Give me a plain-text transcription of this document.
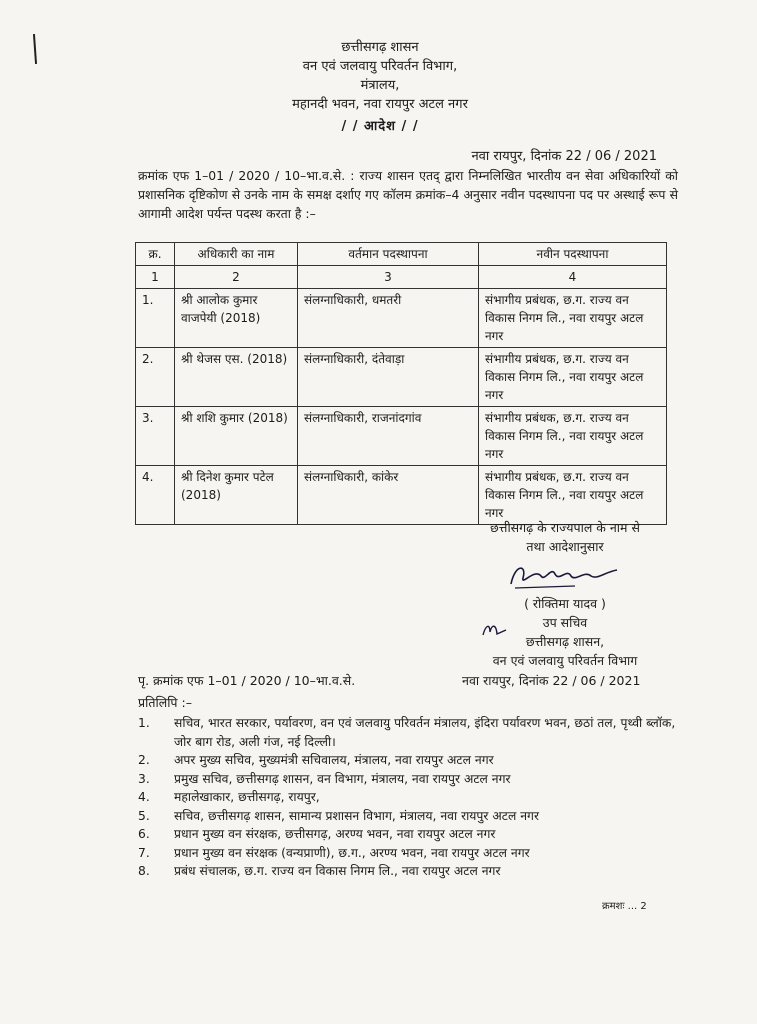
छत्तीसगढ़ शासन
वन एवं जलवायु परिवर्तन विभाग,
मंत्रालय,
महानदी भवन, नवा रायपुर अटल नगर
/ / आदेश / /
नवा रायपुर, दिनांक 22 / 06 / 2021
क्रमांक एफ 1–01 / 2020 / 10–भा.व.से. : राज्य शासन एतद् द्वारा निम्नलिखित भारतीय वन सेवा अधिकारियों को प्रशासनिक दृष्टिकोण से उनके नाम के समक्ष दर्शाए गए कॉलम क्रमांक–4 अनुसार नवीन पदस्थापना पद पर अस्थाई रूप से आगामी आदेश पर्यन्त पदस्थ करता है :–
क्र.	अधिकारी का नाम	वर्तमान पदस्थापना	नवीन पदस्थापना
1	2	3	4
1.	श्री आलोक कुमार वाजपेयी (2018)	संलग्नाधिकारी, धमतरी	संभागीय प्रबंधक, छ.ग. राज्य वन विकास निगम लि., नवा रायपुर अटल नगर
2.	श्री थेजस एस. (2018)	संलग्नाधिकारी, दंतेवाड़ा	संभागीय प्रबंधक, छ.ग. राज्य वन विकास निगम लि., नवा रायपुर अटल नगर
3.	श्री शशि कुमार (2018)	संलग्नाधिकारी, राजनांदगांव	संभागीय प्रबंधक, छ.ग. राज्य वन विकास निगम लि., नवा रायपुर अटल नगर
4.	श्री दिनेश कुमार पटेल (2018)	संलग्नाधिकारी, कांकेर	संभागीय प्रबंधक, छ.ग. राज्य वन विकास निगम लि., नवा रायपुर अटल नगर
छत्तीसगढ़ के राज्यपाल के नाम से
तथा आदेशानुसार
( रोक्तिमा यादव )
उप सचिव
छत्तीसगढ़ शासन,
वन एवं जलवायु परिवर्तन विभाग
पृ. क्रमांक एफ 1–01 / 2020 / 10–भा.व.से.	नवा रायपुर, दिनांक 22 / 06 / 2021
प्रतिलिपि :–
1.	सचिव, भारत सरकार, पर्यावरण, वन एवं जलवायु परिवर्तन मंत्रालय, इंदिरा पर्यावरण भवन, छठां तल, पृथ्वी ब्लॉक, जोर बाग रोड, अली गंज, नई दिल्ली।
2.	अपर मुख्य सचिव, मुख्यमंत्री सचिवालय, मंत्रालय, नवा रायपुर अटल नगर
3.	प्रमुख सचिव, छत्तीसगढ़ शासन, वन विभाग, मंत्रालय, नवा रायपुर अटल नगर
4.	महालेखाकार, छत्तीसगढ़, रायपुर,
5.	सचिव, छत्तीसगढ़ शासन, सामान्य प्रशासन विभाग, मंत्रालय, नवा रायपुर अटल नगर
6.	प्रधान मुख्य वन संरक्षक, छत्तीसगढ़, अरण्य भवन, नवा रायपुर अटल नगर
7.	प्रधान मुख्य वन संरक्षक (वन्यप्राणी), छ.ग., अरण्य भवन, नवा रायपुर अटल नगर
8.	प्रबंध संचालक, छ.ग. राज्य वन विकास निगम लि., नवा रायपुर अटल नगर
क्रमशः ... 2
